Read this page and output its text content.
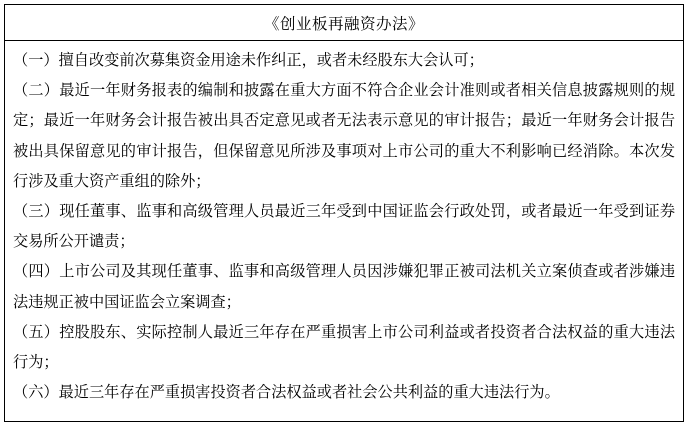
《创业板再融资办法》

（一）擅自改变前次募集资金用途未作纠正，或者未经股东大会认可；

（二）最近一年财务报表的编制和披露在重大方面不符合企业会计准则或者相关信息披露规则的规定；最近一年财务会计报告被出具否定意见或者无法表示意见的审计报告；最近一年财务会计报告被出具保留意见的审计报告，但保留意见所涉及事项对上市公司的重大不利影响已经消除。本次发行涉及重大资产重组的除外；

（三）现任董事、监事和高级管理人员最近三年受到中国证监会行政处罚，或者最近一年受到证券交易所公开谴责；

（四）上市公司及其现任董事、监事和高级管理人员因涉嫌犯罪正被司法机关立案侦查或者涉嫌违法违规正被中国证监会立案调查；

（五）控股股东、实际控制人最近三年存在严重损害上市公司利益或者投资者合法权益的重大违法行为；

（六）最近三年存在严重损害投资者合法权益或者社会公共利益的重大违法行为。
